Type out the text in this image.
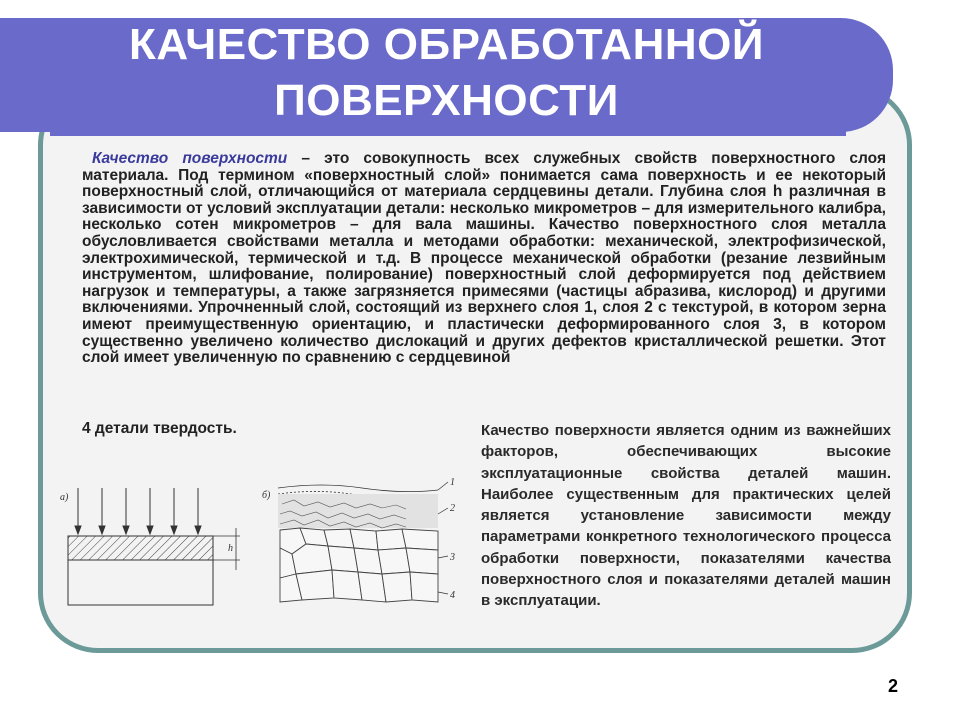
КАЧЕСТВО ОБРАБОТАННОЙ
ПОВЕРХНОСТИ
Качество поверхности – это совокупность всех служебных свойств поверхностного слоя материала. Под термином «поверхностный слой» понимается сама поверхность и ее некоторый поверхностный слой, отличающийся от материала сердцевины детали. Глубина слоя h различная в зависимости от условий эксплуатации детали: несколько микрометров – для измерительного калибра, несколько сотен микрометров – для вала машины. Качество поверхностного слоя металла обусловливается свойствами металла и методами обработки: механической, электрофизической, электрохимической, термической и т.д. В процессе механической обработки (резание лезвийным инструментом, шлифование, полирование) поверхностный слой деформируется под действием нагрузок и температуры, а также загрязняется примесями (частицы абразива, кислород) и другими включениями. Упрочненный слой, состоящий из верхнего слоя 1, слоя 2 с текстурой, в котором зерна имеют преимущественную ориентацию, и пластически деформированного слоя 3, в котором существенно увеличено количество дислокаций и других дефектов кристаллической решетки. Этот слой имеет увеличенную по сравнению с сердцевиной
4 детали твердость.	Качество поверхности является одним из важнейших факторов, обеспечивающих высокие эксплуатационные свойства деталей машин. Наиболее существенным для практических целей является установление зависимости между параметрами конкретного технологического процесса обработки поверхности, показателями качества поверхностного слоя и показателями деталей машин в эксплуатации.
а)
h
б)
1
2
3
4
2
